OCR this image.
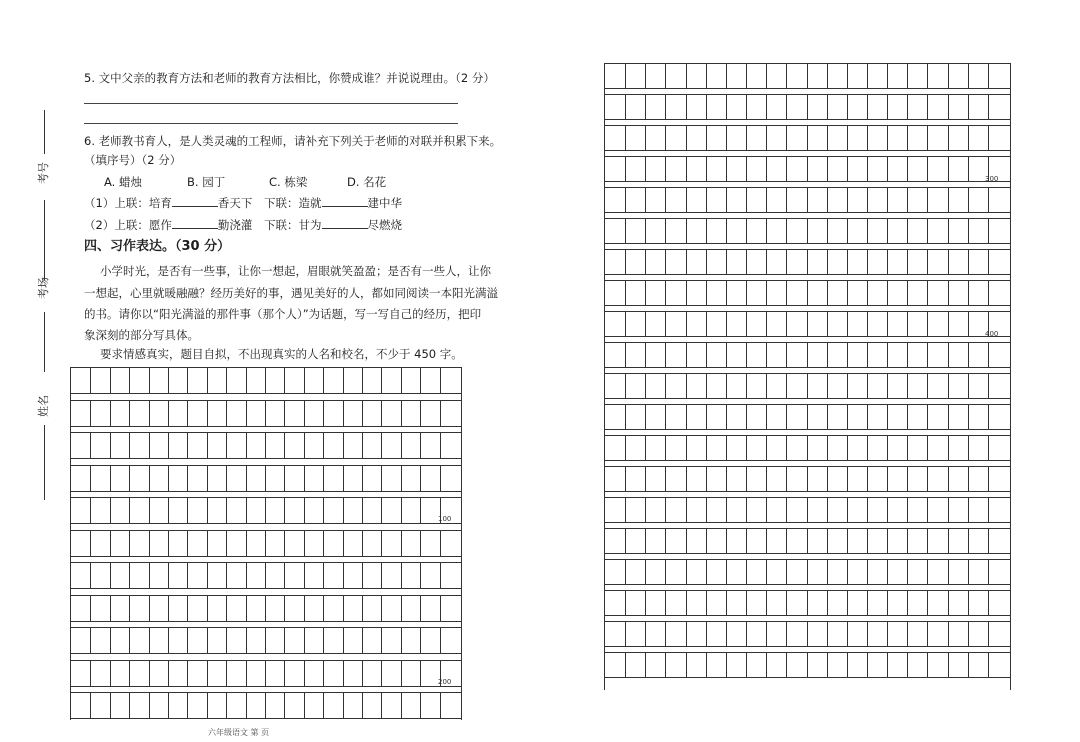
考号
考场
姓名
5. 文中父亲的教育方法和老师的教育方法相比，你赞成谁？并说说理由。（2 分）
6. 老师教书育人，是人类灵魂的工程师，请补充下列关于老师的对联并积累下来。
（填序号）（2 分）
A. 蜡烛	B. 园丁	C. 栋梁	D. 名花
（1）上联：培育	香天下 下联：造就	建中华
（2）上联：愿作	勤浇灌 下联：甘为	尽燃烧
四、习作表达。（30 分）
小学时光，是否有一些事，让你一想起，眉眼就笑盈盈；是否有一些人，让你
一想起，心里就暖融融？经历美好的事，遇见美好的人，都如同阅读一本阳光满溢
的书。请你以“阳光满溢的那件事（那个人）”为话题，写一写自己的经历，把印
象深刻的部分写具体。
要求情感真实，题目自拟，不出现真实的人名和校名，不少于 450 字。
100
200
六年级语文 第 页
300
400
